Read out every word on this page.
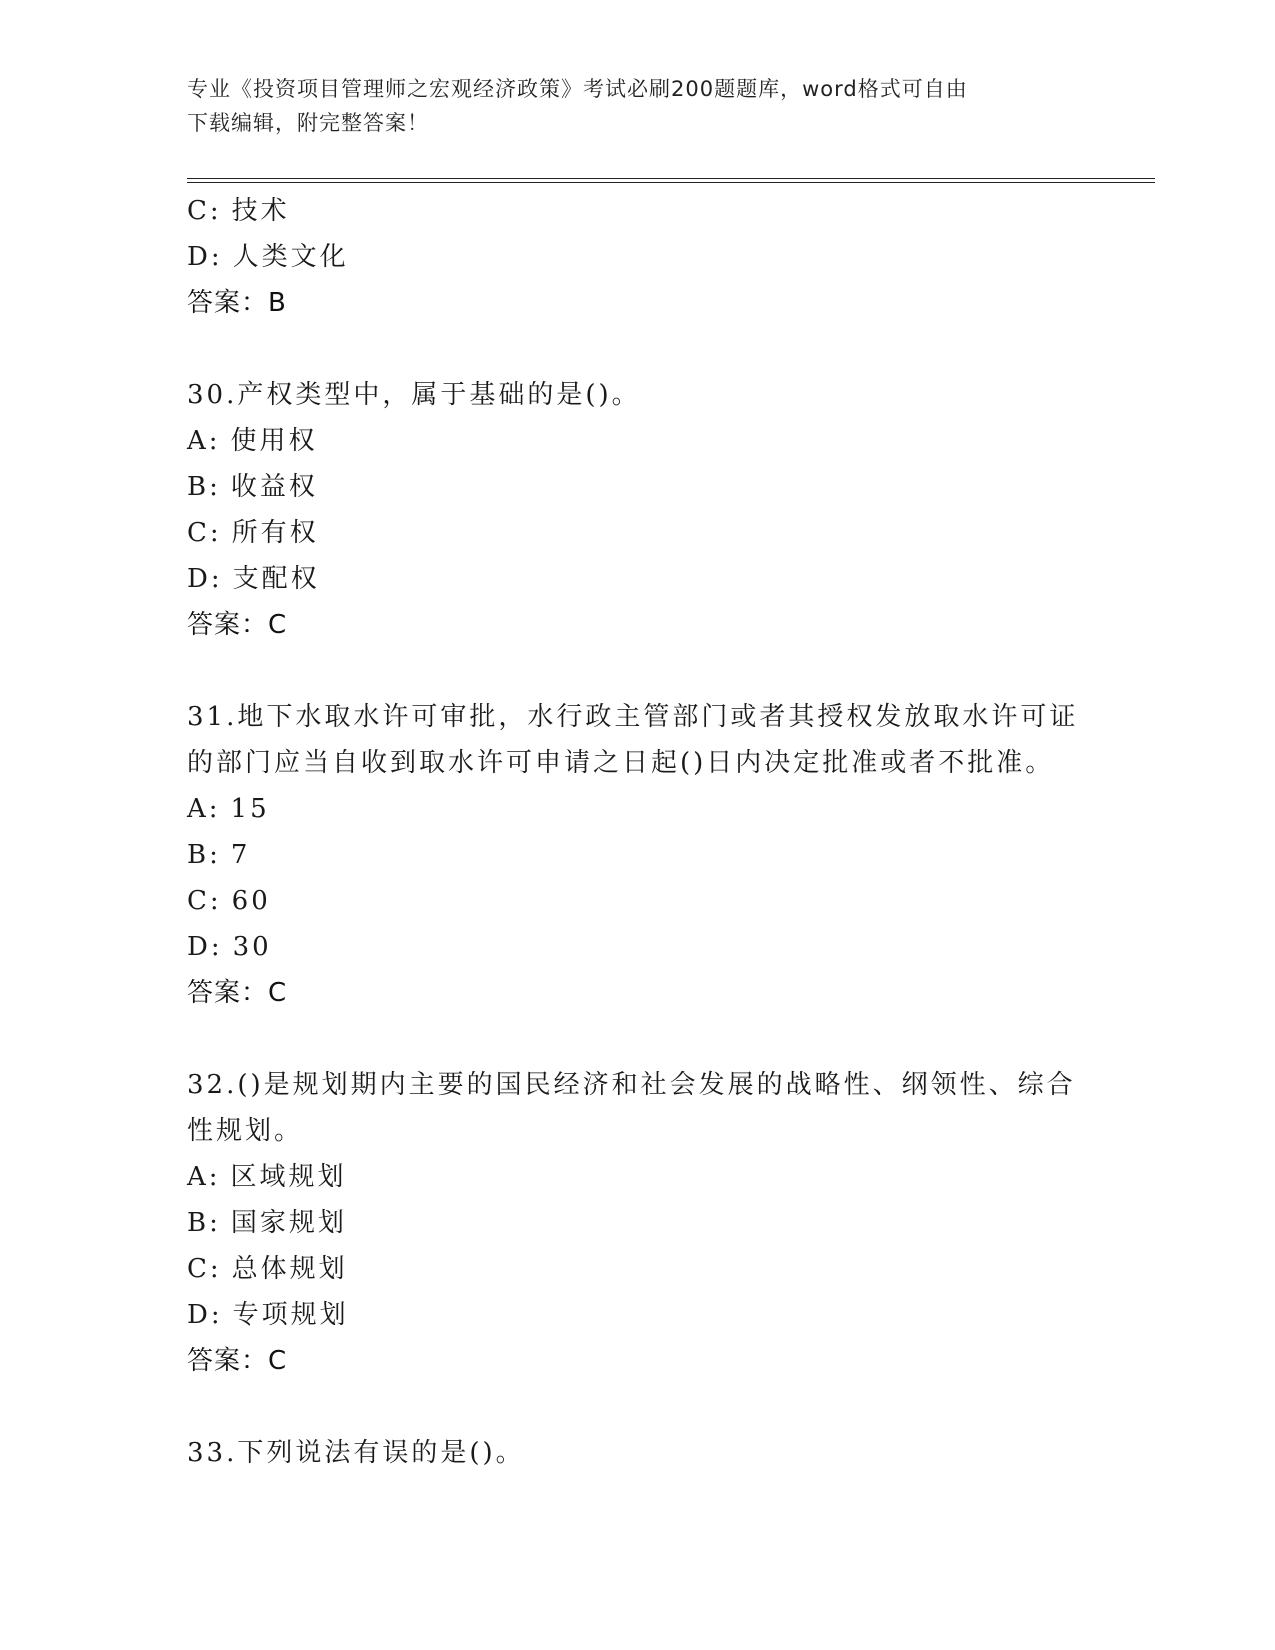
专业《投资项目管理师之宏观经济政策》考试必刷200题题库，word格式可自由
下载编辑，附完整答案！
C: 技术
D: 人类文化
答案：B
30.产权类型中，属于基础的是()。
A: 使用权
B: 收益权
C: 所有权
D: 支配权
答案：C
31.地下水取水许可审批，水行政主管部门或者其授权发放取水许可证
的部门应当自收到取水许可申请之日起()日内决定批准或者不批准。
A: 15
B: 7
C: 60
D: 30
答案：C
32.()是规划期内主要的国民经济和社会发展的战略性、纲领性、综合
性规划。
A: 区域规划
B: 国家规划
C: 总体规划
D: 专项规划
答案：C
33.下列说法有误的是()。
